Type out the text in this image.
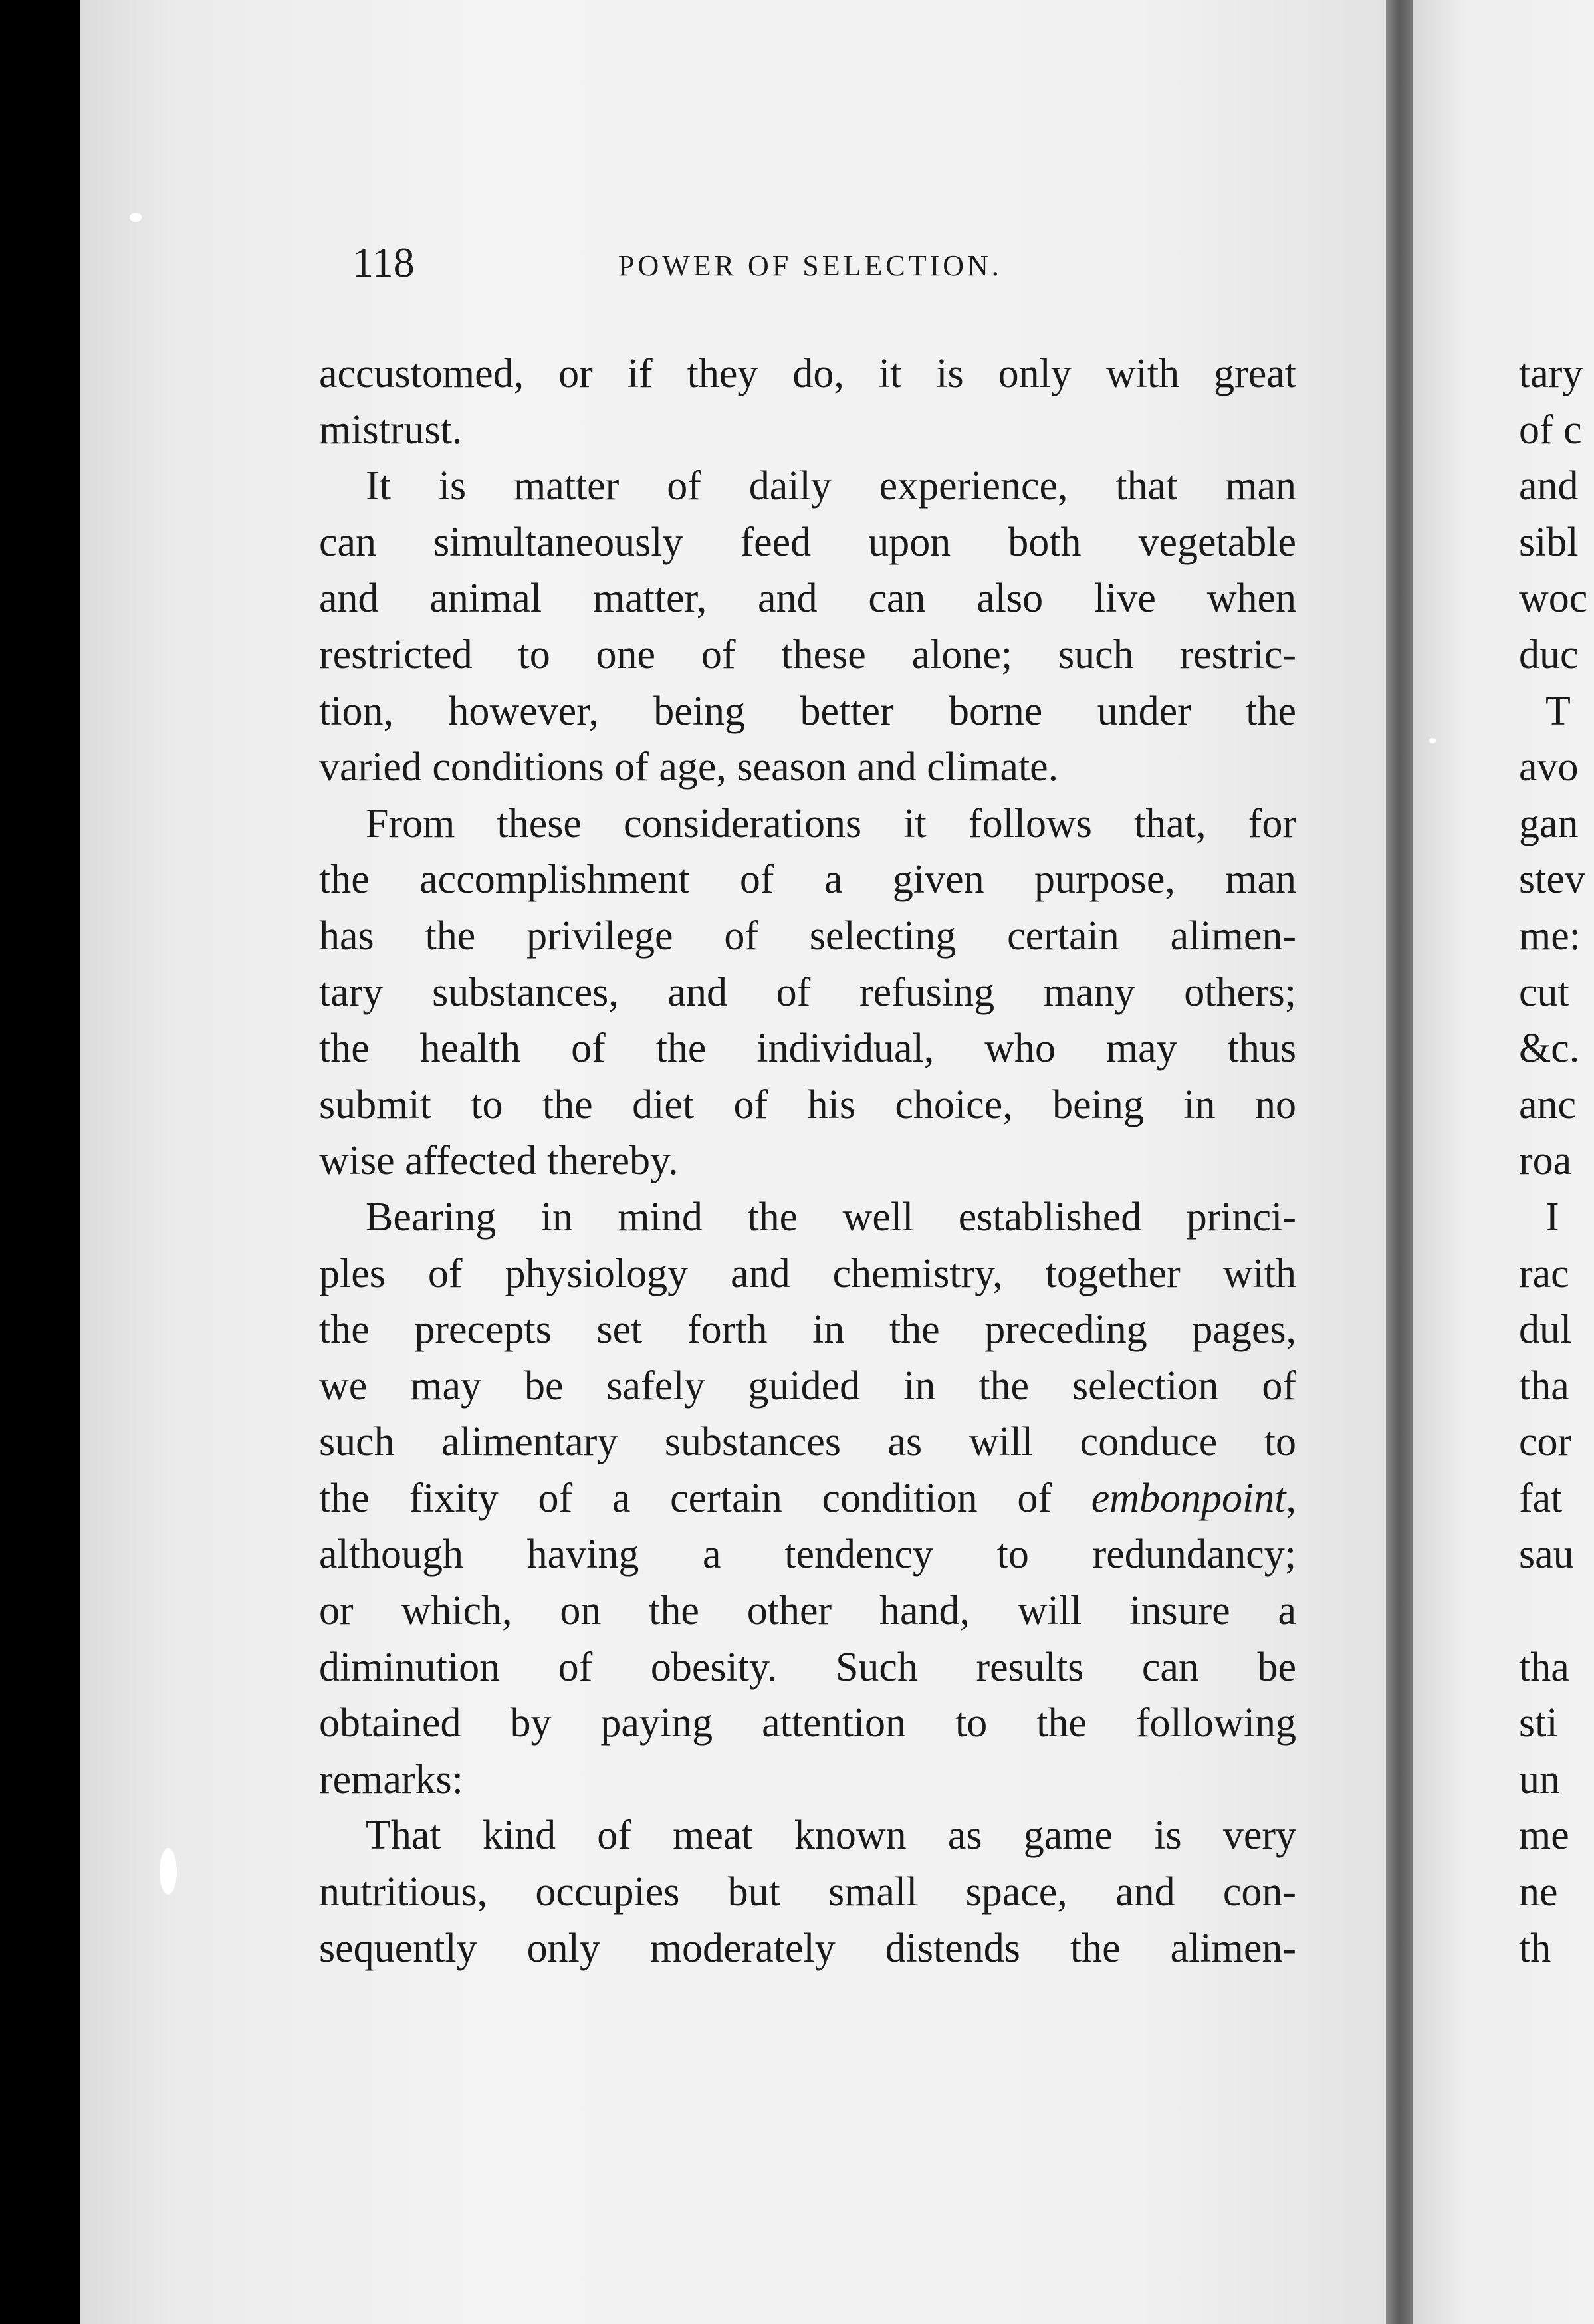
118	POWER OF SELECTION.
accustomed, or if they do, it is only with great
mistrust.
It is matter of daily experience, that man
can simultaneously feed upon both vegetable
and animal matter, and can also live when
restricted to one of these alone; such restric-
tion, however, being better borne under the
varied conditions of age, season and climate.
From these considerations it follows that, for
the accomplishment of a given purpose, man
has the privilege of selecting certain alimen-
tary substances, and of refusing many others;
the health of the individual, who may thus
submit to the diet of his choice, being in no
wise affected thereby.
Bearing in mind the well established princi-
ples of physiology and chemistry, together with
the precepts set forth in the preceding pages,
we may be safely guided in the selection of
such alimentary substances as will conduce to
the fixity of a certain condition of embonpoint,
although having a tendency to redundancy;
or which, on the other hand, will insure a
diminution of obesity. Such results can be
obtained by paying attention to the following
remarks:
That kind of meat known as game is very
nutritious, occupies but small space, and con-
sequently only moderately distends the alimen-
tary
of c
and
sibl
woc
duc
T
avo
gan
stev
me:
cut
&c.
anc
roa
I
rac
dul
tha
cor
fat
sau
tha
sti
un
me
ne
th
